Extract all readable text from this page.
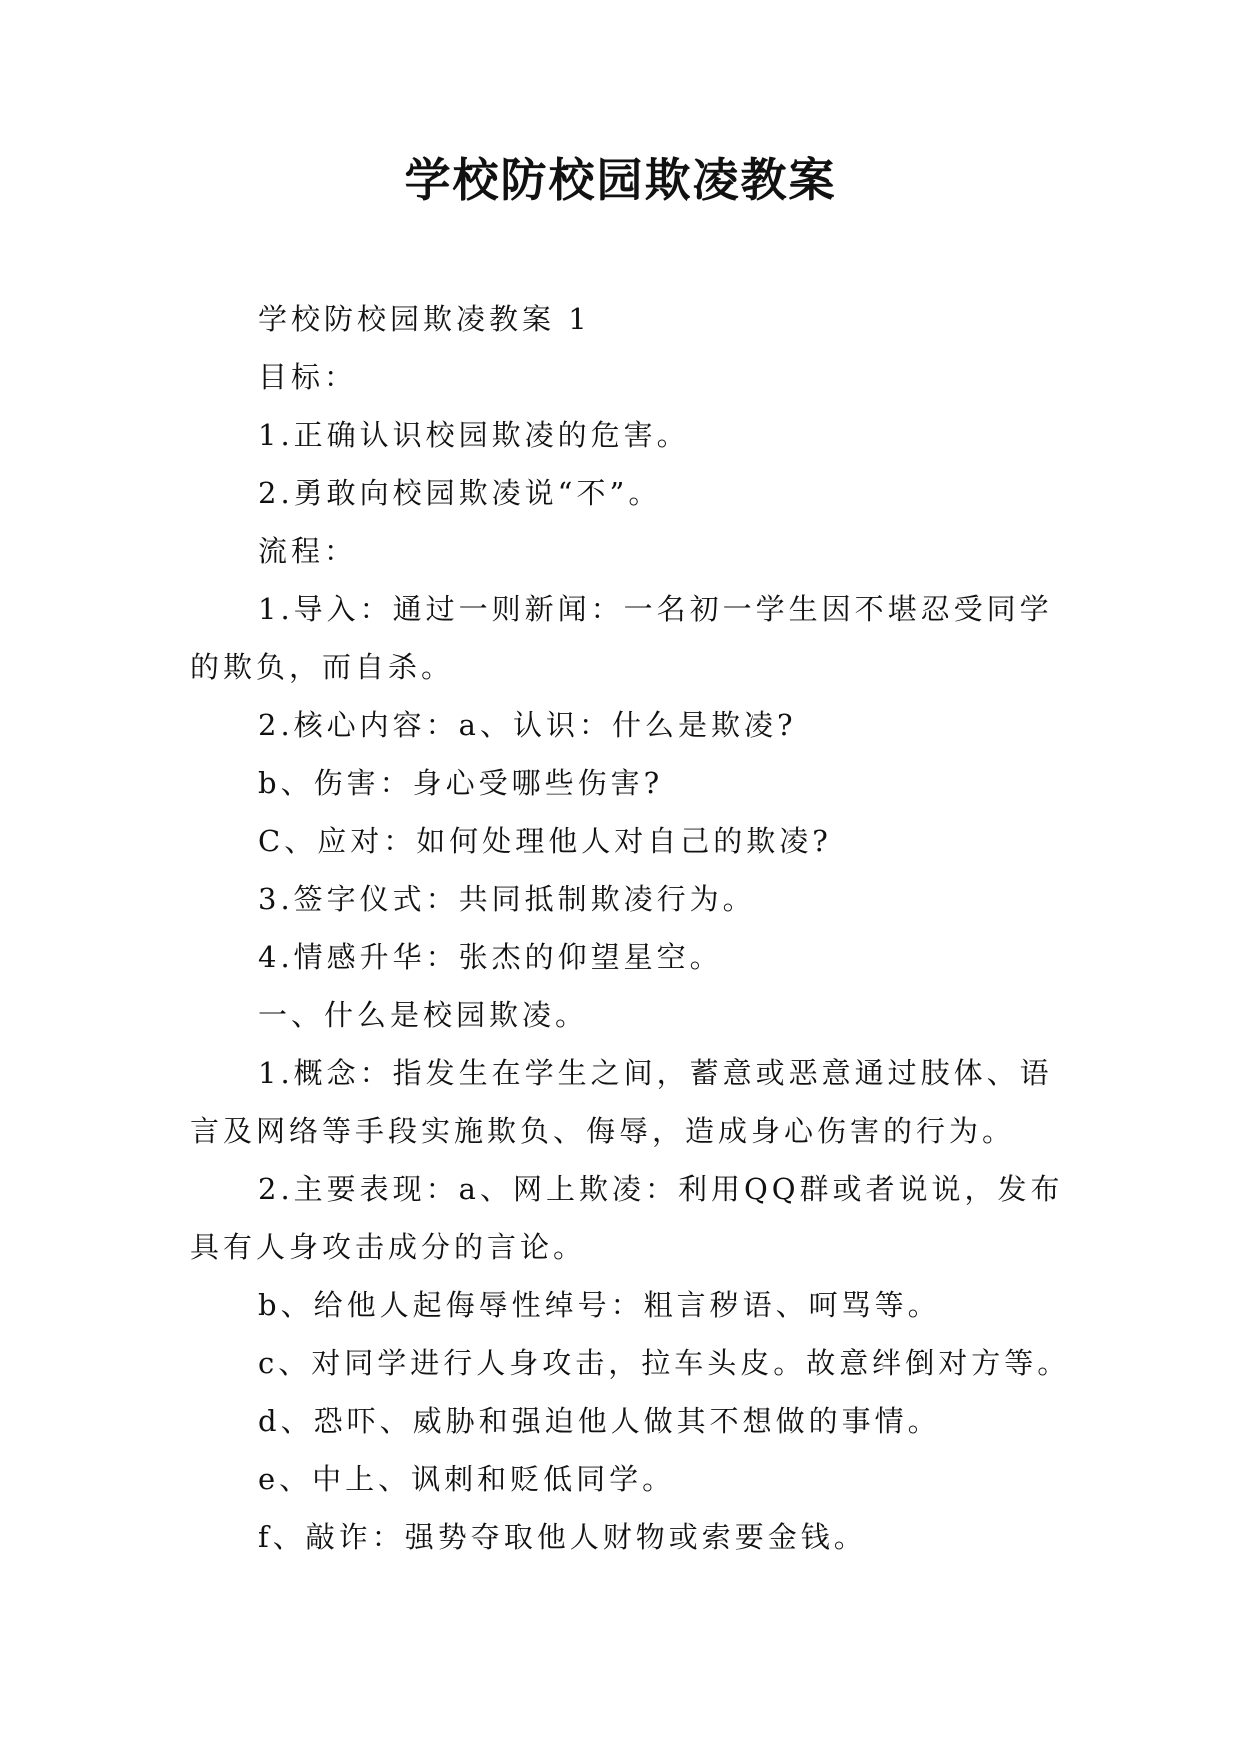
学校防校园欺凌教案

学校防校园欺凌教案 1

目标：

1.正确认识校园欺凌的危害。

2.勇敢向校园欺凌说“不”。

流程：

1.导入：通过一则新闻：一名初一学生因不堪忍受同学的欺负，而自杀。

2.核心内容：a、认识：什么是欺凌?

b、伤害：身心受哪些伤害?

C、应对：如何处理他人对自己的欺凌?

3.签字仪式：共同抵制欺凌行为。

4.情感升华：张杰的仰望星空。

一、什么是校园欺凌。

1.概念：指发生在学生之间，蓄意或恶意通过肢体、语言及网络等手段实施欺负、侮辱，造成身心伤害的行为。

2.主要表现：a、网上欺凌：利用QQ群或者说说，发布具有人身攻击成分的言论。

b、给他人起侮辱性绰号：粗言秽语、呵骂等。

c、对同学进行人身攻击，拉车头皮。故意绊倒对方等。

d、恐吓、威胁和强迫他人做其不想做的事情。

e、中上、讽刺和贬低同学。

f、敲诈：强势夺取他人财物或索要金钱。
